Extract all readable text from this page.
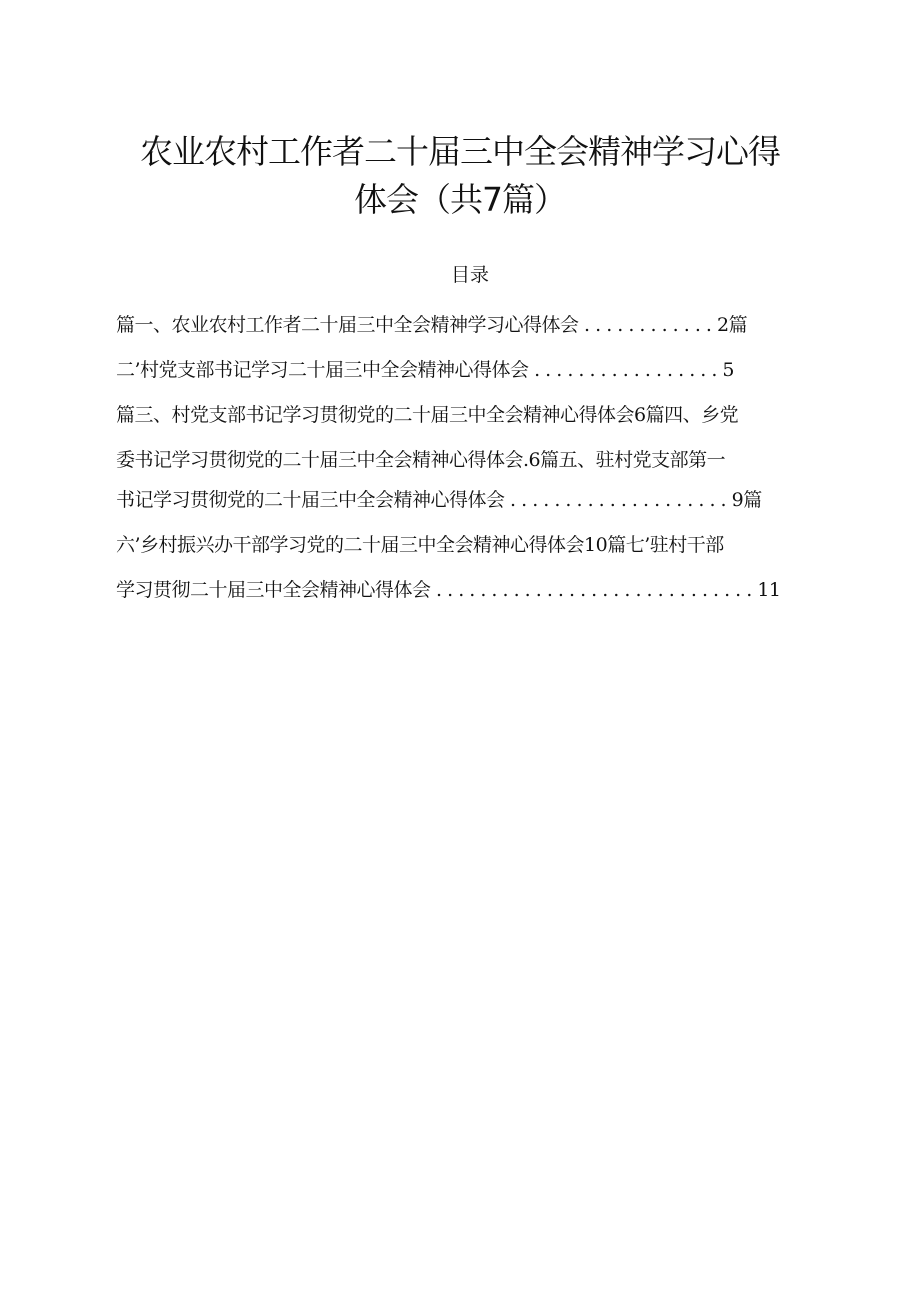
农业农村工作者二十届三中全会精神学习心得
体会（共7篇）
目录
篇一、农业农村工作者二十届三中全会精神学习心得体会 . . . . . . . . . . . . 2篇
二’村党支部书记学习二十届三中全会精神心得体会 . . . . . . . . . . . . . . . . . 5
篇三、村党支部书记学习贯彻党的二十届三中全会精神心得体会6篇四、乡党
委书记学习贯彻党的二十届三中全会精神心得体会.6篇五、驻村党支部第一
书记学习贯彻党的二十届三中全会精神心得体会 . . . . . . . . . . . . . . . . . . . . 9篇
六’乡村振兴办干部学习党的二十届三中全会精神心得体会10篇七’驻村干部
学习贯彻二十届三中全会精神心得体会 . . . . . . . . . . . . . . . . . . . . . . . . . . . . . 11
